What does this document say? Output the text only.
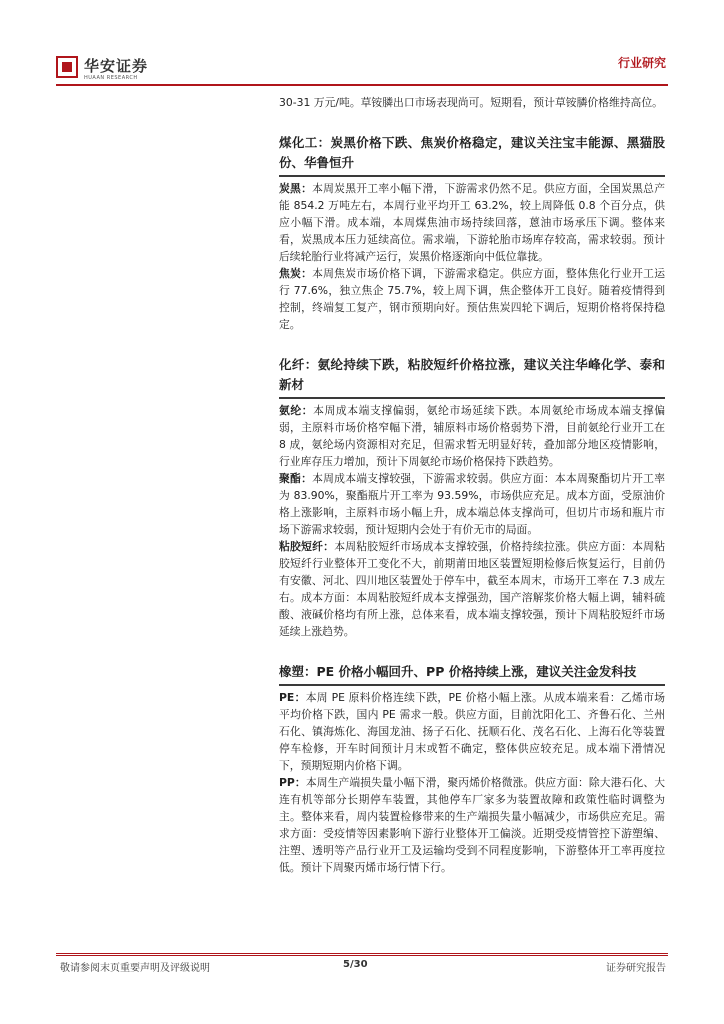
华安证券
HUAAN RESEARCH
行业研究

30-31 万元/吨。草铵膦出口市场表现尚可。短期看，预计草铵膦价格维持高位。

煤化工：炭黑价格下跌、焦炭价格稳定，建议关注宝丰能源、黑猫股份、华鲁恒升

炭黑：本周炭黑开工率小幅下滑，下游需求仍然不足。供应方面，全国炭黑总产能 854.2 万吨左右，本周行业平均开工 63.2%，较上周降低 0.8 个百分点，供应小幅下滑。成本端，本周煤焦油市场持续回落，蒽油市场承压下调。整体来看，炭黑成本压力延续高位。需求端，下游轮胎市场库存较高，需求较弱。预计后续轮胎行业将减产运行，炭黑价格逐渐向中低位靠拢。

焦炭：本周焦炭市场价格下调，下游需求稳定。供应方面，整体焦化行业开工运行 77.6%，独立焦企 75.7%，较上周下调，焦企整体开工良好。随着疫情得到控制，终端复工复产，钢市预期向好。预估焦炭四轮下调后，短期价格将保持稳定。

化纤：氨纶持续下跌，粘胶短纤价格拉涨，建议关注华峰化学、泰和新材

氨纶：本周成本端支撑偏弱，氨纶市场延续下跌。本周氨纶市场成本端支撑偏弱，主原料市场价格窄幅下滑，辅原料市场价格弱势下滑，目前氨纶行业开工在 8 成，氨纶场内资源相对充足，但需求暂无明显好转，叠加部分地区疫情影响，行业库存压力增加，预计下周氨纶市场价格保持下跌趋势。

聚酯：本周成本端支撑较强，下游需求较弱。供应方面：本本周聚酯切片开工率为 83.90%，聚酯瓶片开工率为 93.59%，市场供应充足。成本方面，受原油价格上涨影响，主原料市场小幅上升，成本端总体支撑尚可，但切片市场和瓶片市场下游需求较弱，预计短期内会处于有价无市的局面。

粘胶短纤：本周粘胶短纤市场成本支撑较强，价格持续拉涨。供应方面：本周粘胶短纤行业整体开工变化不大，前期莆田地区装置短期检修后恢复运行，目前仍有安徽、河北、四川地区装置处于停车中，截至本周末，市场开工率在 7.3 成左右。成本方面：本周粘胶短纤成本支撑强劲，国产溶解浆价格大幅上调，辅料硫酸、液碱价格均有所上涨，总体来看，成本端支撑较强，预计下周粘胶短纤市场延续上涨趋势。

橡塑：PE 价格小幅回升、PP 价格持续上涨，建议关注金发科技

PE：本周 PE 原料价格连续下跌，PE 价格小幅上涨。从成本端来看：乙烯市场平均价格下跌，国内 PE 需求一般。供应方面，目前沈阳化工、齐鲁石化、兰州石化、镇海炼化、海国龙油、扬子石化、抚顺石化、茂名石化、上海石化等装置停车检修，开车时间预计月末或暂不确定，整体供应较充足。成本端下滑情况下，预期短期内价格下调。

PP：本周生产端损失量小幅下滑，聚丙烯价格微涨。供应方面：除大港石化、大连有机等部分长期停车装置，其他停车厂家多为装置故障和政策性临时调整为主。整体来看，周内装置检修带来的生产端损失量小幅减少，市场供应充足。需求方面：受疫情等因素影响下游行业整体开工偏淡。近期受疫情管控下游塑编、注塑、透明等产品行业开工及运输均受到不同程度影响，下游整体开工率再度拉低。预计下周聚丙烯市场行情下行。

敬请参阅末页重要声明及评级说明	5/30	证券研究报告
